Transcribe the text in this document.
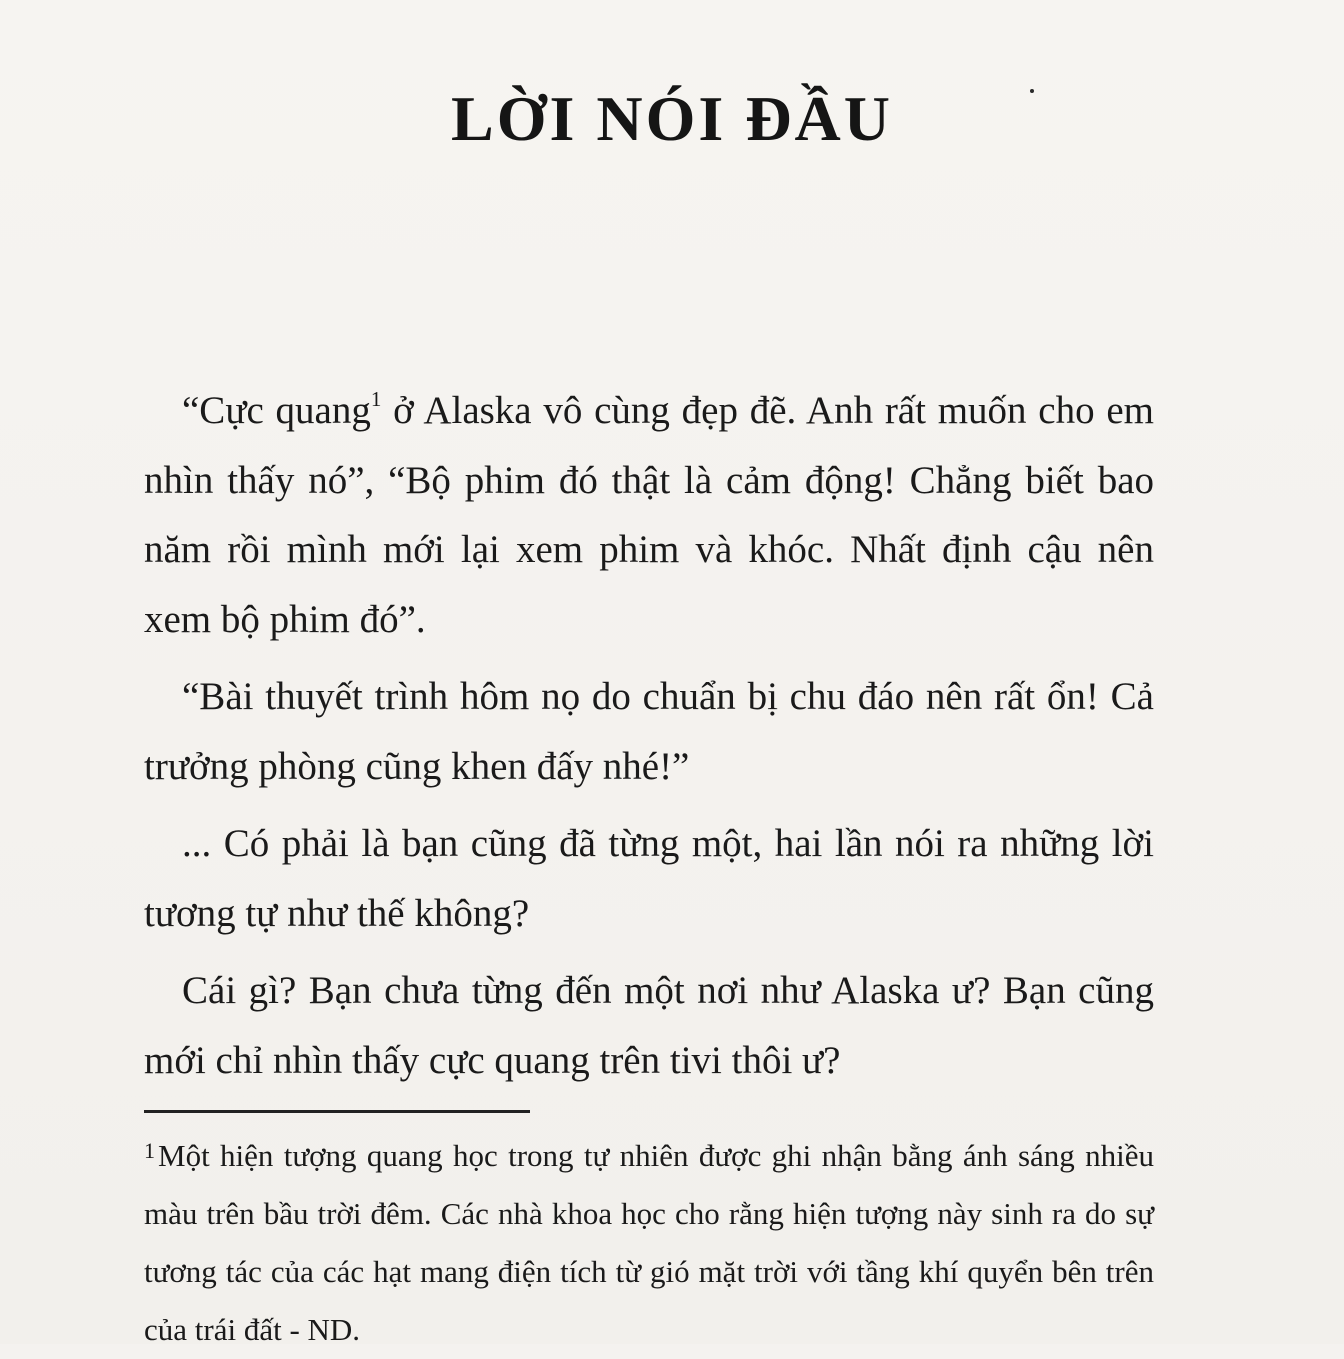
LỜI NÓI ĐẦU

“Cực quang$^1$ ở Alaska vô cùng đẹp đẽ. Anh rất muốn cho em nhìn thấy nó”, “Bộ phim đó thật là cảm động! Chẳng biết bao năm rồi mình mới lại xem phim và khóc. Nhất định cậu nên xem bộ phim đó”.

“Bài thuyết trình hôm nọ do chuẩn bị chu đáo nên rất ổn! Cả trưởng phòng cũng khen đấy nhé!”

... Có phải là bạn cũng đã từng một, hai lần nói ra những lời tương tự như thế không?

Cái gì? Bạn chưa từng đến một nơi như Alaska ư? Bạn cũng mới chỉ nhìn thấy cực quang trên tivi thôi ư?

$^1$Một hiện tượng quang học trong tự nhiên được ghi nhận bằng ánh sáng nhiều màu trên bầu trời đêm. Các nhà khoa học cho rằng hiện tượng này sinh ra do sự tương tác của các hạt mang điện tích từ gió mặt trời với tầng khí quyển bên trên của trái đất - ND.
